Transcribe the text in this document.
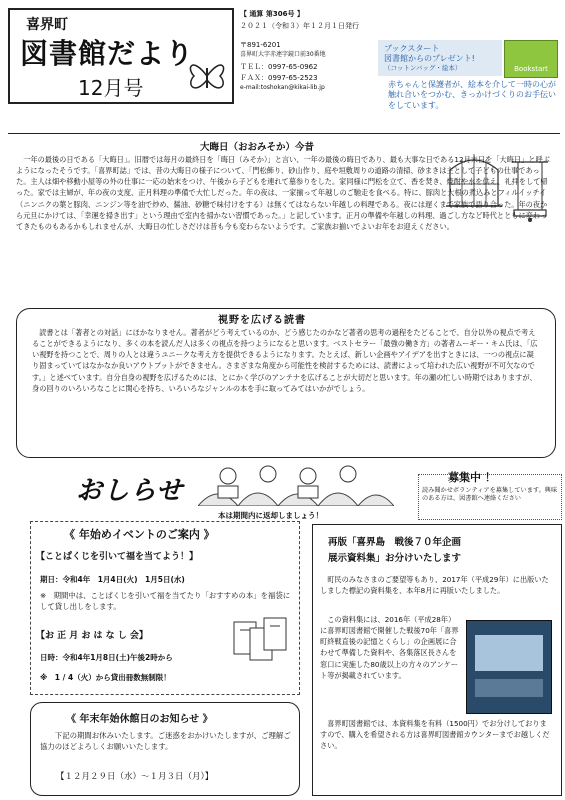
喜界町
図書館だより
12月号
【 通算 第306号 】
２０２１（令和３）年１２月１日発行
〒891-6201
喜界町大字赤連字鏡口前30番地
ＴＥＬ：0997-65-0962
ＦＡＸ：0997-65-2523
e-mail:toshokan@kikai-lib.jp
ブックスタート
図書館からのプレゼント!
（コットンバッグ・絵本）	Bookstart
赤ちゃんと保護者が、絵本を介して一時の心が触れ合いをつかむ、きっかけづくりのお手伝いをしています。
大晦日（おおみそか）今昔
一年の最後の日である「大晦日」。旧暦では毎月の最終日を「晦日（みそか）」と言い、一年の最後の晦日であり、最も大事な日である12月末日を「大晦日」と呼ぶようになったそうです。「喜界町誌」では、昔の大晦日の様子について、「門松飾り、砂山作り、庭や垣敷周りの道路の清掃、砂まきは主として子どもの仕事であった。主人は畑や移動小屋等の外の仕事に一応の始末をつけ、午後から子どもを連れて墓参りをした。家同様に門松を立て、香を焚き、焼酎や水を供え、礼拝をして帰った。家では主婦が、年の夜の支度、正月料理の準備で大忙しだった。年の夜は、一家揃って年越しのご馳走を食べる。特に、豚肉と大根の煮込みとフィルイッチイ（ニンニクの葉と豚肉、ニンジン等を油で炒め、醤油、砂糖で味付けをする）は無くてはならない年越しの料理である。夜には遅くまで家族で語り合った。年の夜から元旦にかけては、「幸運を掃き出す」という理由で室内を掃かない習慣であった。」と記しています。正月の準備や年越しの料理、過ごし方など時代とともに変わってきたものもあるかもしれませんが、大晦日の忙しさだけは昔も今も変わらないようです。ご家族お揃いでよいお年をお迎えください。
視野を広げる読書
読書とは「著者との対話」にほかなりません。著者がどう考えているのか、どう感じたのかなど著者の思考の過程をたどることで、自分以外の視点で考えることができるようになり、多くの本を読んだ人は多くの視点を持つようになると思います。ベストセラー「最強の働き方」の著者ムーギー・キム氏は、「広い視野を持つことで、周りの人とは違うユニークな考え方を提供できるようになります。たとえば、新しい企画やアイデアを出すときには、一つの視点に凝り固まっていてはなかなか良いアウトプットができません。さまざまな角度から可能性を検討するためには、読書によって培われた広い視野が不可欠なのです。」と述べています。自分自身の視野を広げるためには、とにかく学びのアンテナを広げることが大切だと思います。年の瀬の忙しい時期ではありますが、身の回りのいろいろなことに関心を持ち、いろいろなジャンルの本を手に取ってみてはいかがでしょう。
おしらせ
本は期間内に返却しましょう！
募集中 ！
読み聞かせボランティアを募集しています。興味のある方は、図書館へ連絡ください
《 年始めイベントのご案内 》
【ことぱくじを引いて福を当てよう！】
期日：令和4年　1月4日(火)　1月5日(水)
※　期間中は、ことぱくじを引いて福を当てたり「おすすめの本」を福袋にして貸し出しをします。
【お 正 月 お は な し 会】
日時：令和4年1月8日(土)午後2時から
※　1 / 4（火）から貸出冊数無制限！
《 年末年始休館日のお知らせ 》
下記の期間お休みいたします。ご迷惑をおかけいたしますが、ご理解ご協力のほどよろしくお願いいたします。
【１２月２９日（水）～１月３日（月）】
再版「喜界島　戦後７０年企画
展示資料集」お分けいたします
町民のみなさまのご要望等もあり、2017年（平成29年）に出版いたしました標記の資料集を、本年8月に再版いたしました。
この資料集には、2016年（平成28年）に喜界町図書館で開催した戦後70年「喜界町終戦直後の記憶とくらし」の企画展に合わせて準備した資料や、各集落区長さんを窓口に実施した80歳以上の方々のアンケート等が掲載されています。
喜界町図書館では、本資料集を有料（1500円）でお分けしておりますので、購入を希望される方は喜界町図書館カウンターまでお越しください。
